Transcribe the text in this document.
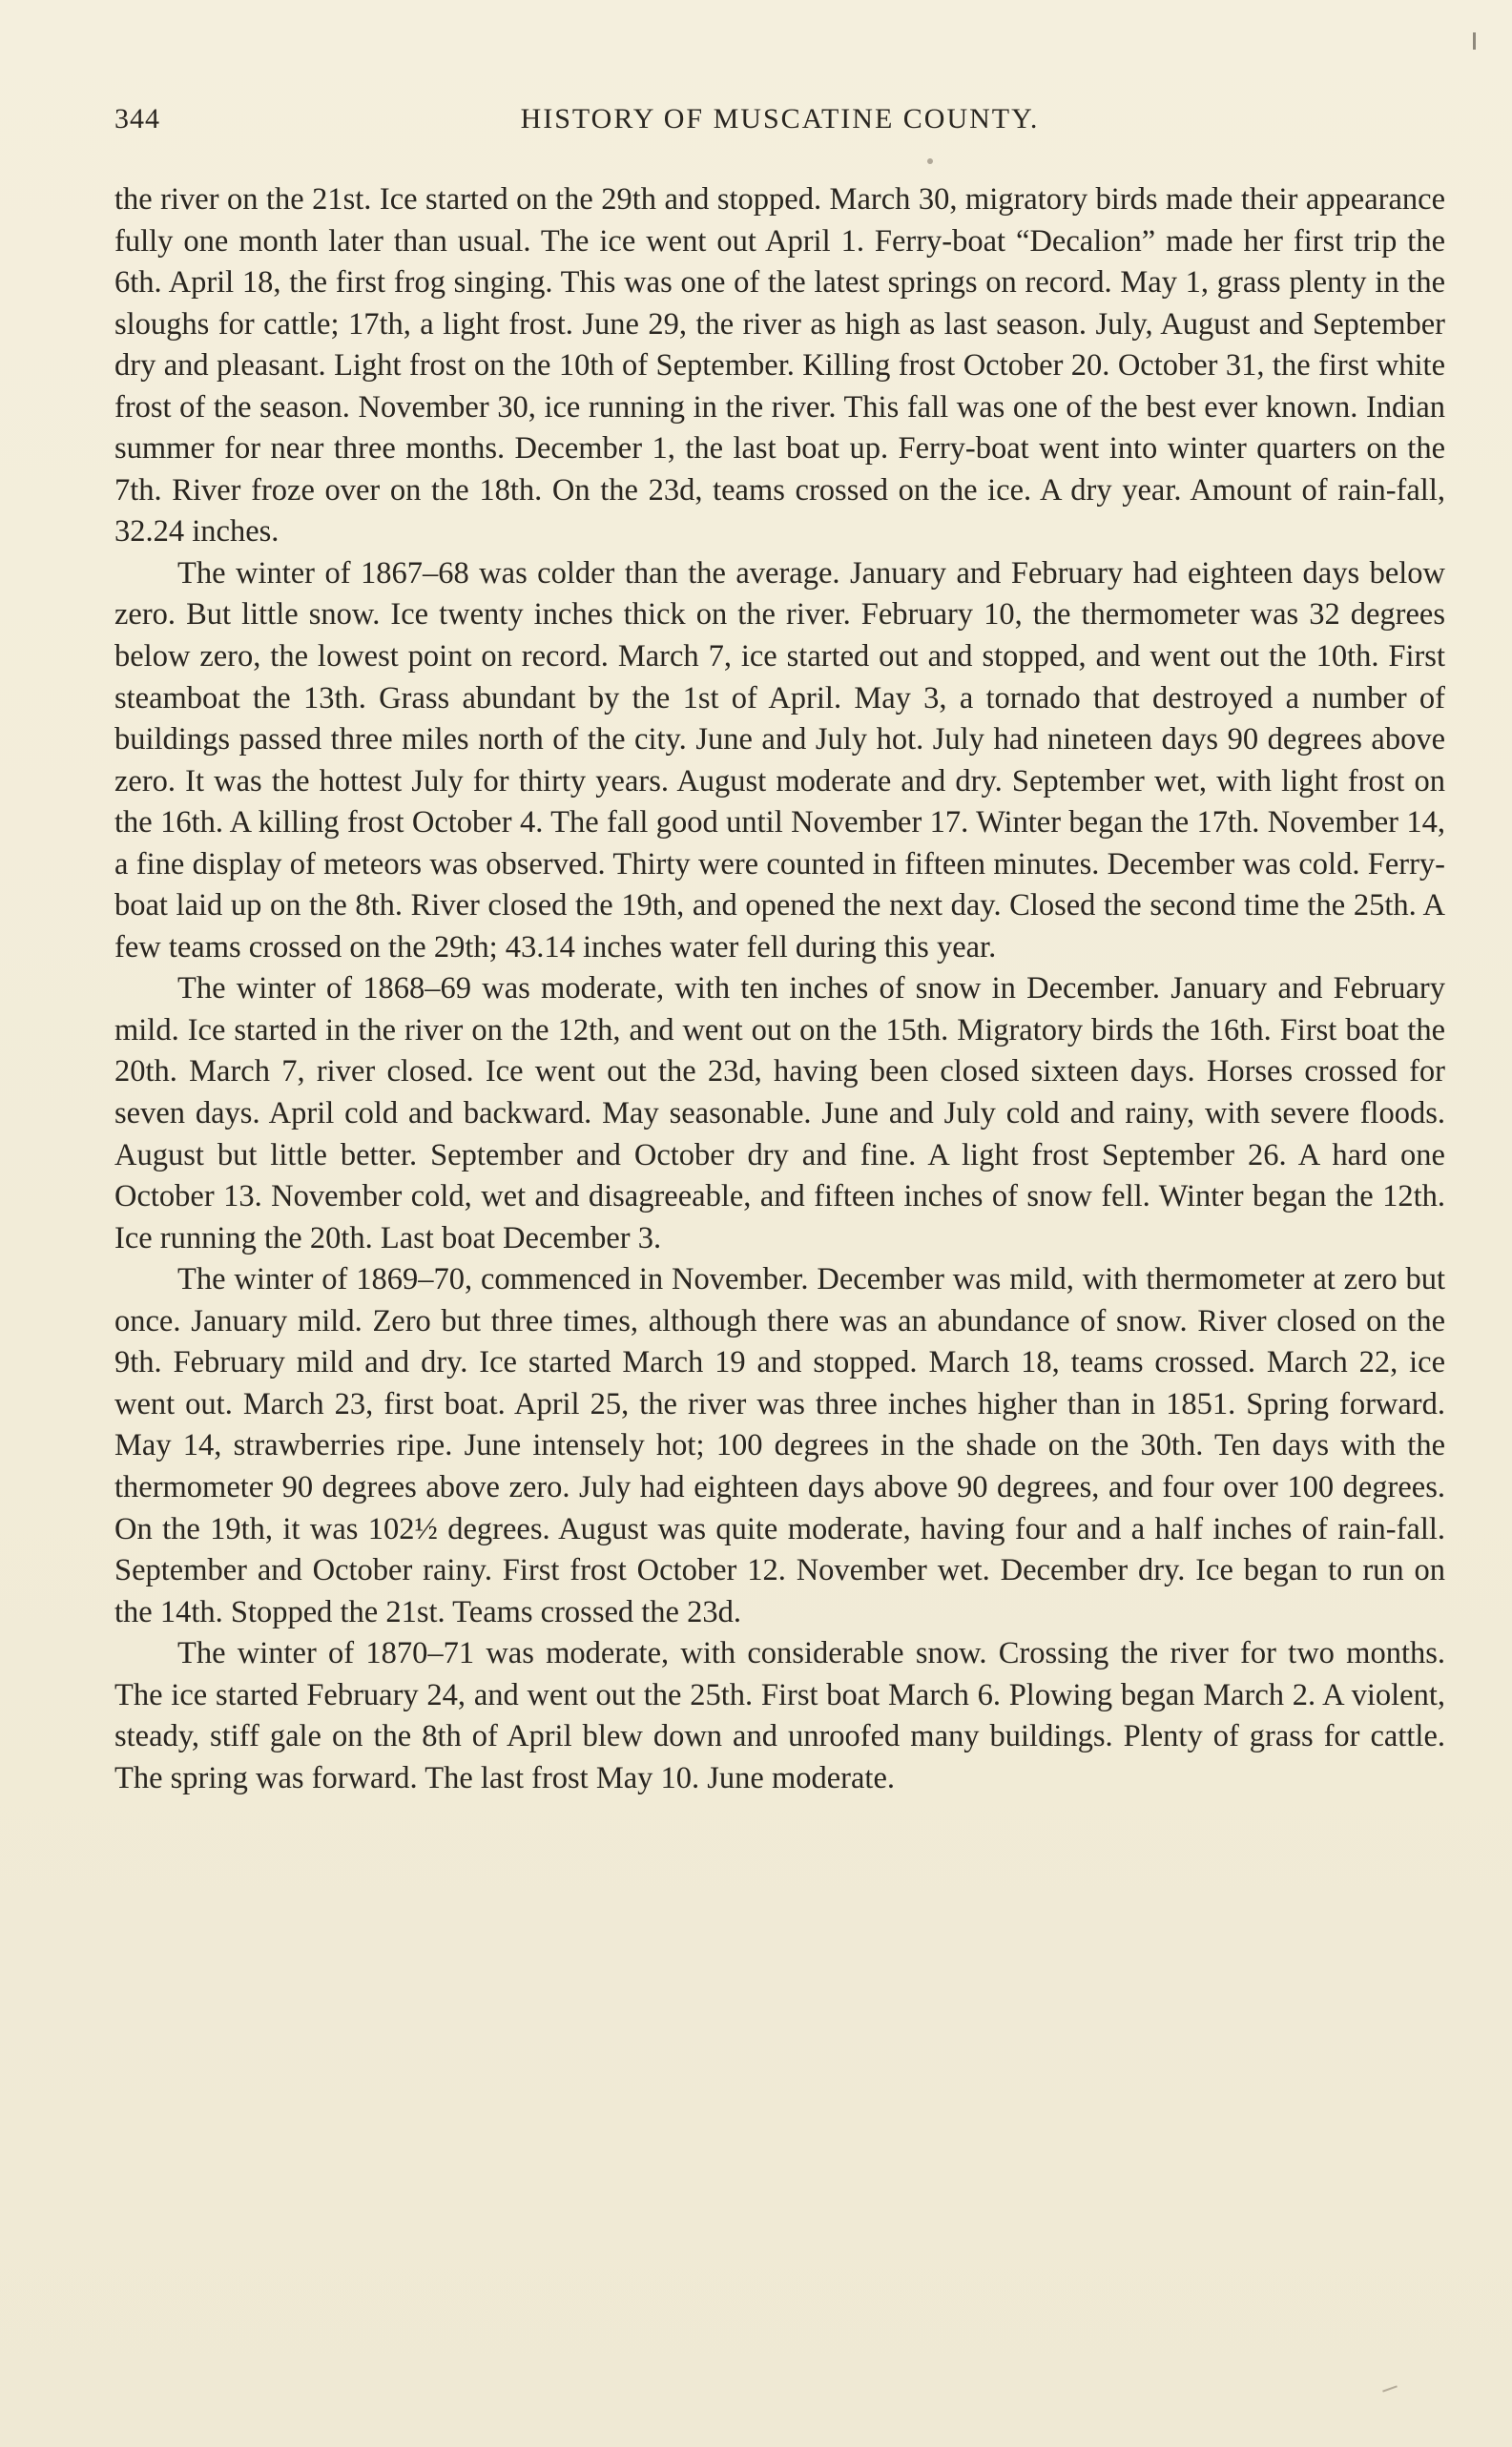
344	HISTORY OF MUSCATINE COUNTY.

the river on the 21st. Ice started on the 29th and stopped. March 30, migratory birds made their appearance fully one month later than usual. The ice went out April 1. Ferry-boat “Decalion” made her first trip the 6th. April 18, the first frog singing. This was one of the latest springs on record. May 1, grass plenty in the sloughs for cattle; 17th, a light frost. June 29, the river as high as last season. July, August and September dry and pleasant. Light frost on the 10th of September. Killing frost October 20. October 31, the first white frost of the season. November 30, ice running in the river. This fall was one of the best ever known. Indian summer for near three months. December 1, the last boat up. Ferry-boat went into winter quarters on the 7th. River froze over on the 18th. On the 23d, teams crossed on the ice. A dry year. Amount of rain-fall, 32.24 inches.

The winter of 1867–68 was colder than the average. January and February had eighteen days below zero. But little snow. Ice twenty inches thick on the river. February 10, the thermometer was 32 degrees below zero, the lowest point on record. March 7, ice started out and stopped, and went out the 10th. First steamboat the 13th. Grass abundant by the 1st of April. May 3, a tornado that destroyed a number of buildings passed three miles north of the city. June and July hot. July had nineteen days 90 degrees above zero. It was the hottest July for thirty years. August moderate and dry. September wet, with light frost on the 16th. A killing frost October 4. The fall good until November 17. Winter began the 17th. November 14, a fine display of meteors was observed. Thirty were counted in fifteen minutes. December was cold. Ferry-boat laid up on the 8th. River closed the 19th, and opened the next day. Closed the second time the 25th. A few teams crossed on the 29th; 43.14 inches water fell during this year.

The winter of 1868–69 was moderate, with ten inches of snow in December. January and February mild. Ice started in the river on the 12th, and went out on the 15th. Migratory birds the 16th. First boat the 20th. March 7, river closed. Ice went out the 23d, having been closed sixteen days. Horses crossed for seven days. April cold and backward. May seasonable. June and July cold and rainy, with severe floods. August but little better. September and October dry and fine. A light frost September 26. A hard one October 13. November cold, wet and disagreeable, and fifteen inches of snow fell. Winter began the 12th. Ice running the 20th. Last boat December 3.

The winter of 1869–70, commenced in November. December was mild, with thermometer at zero but once. January mild. Zero but three times, although there was an abundance of snow. River closed on the 9th. February mild and dry. Ice started March 19 and stopped. March 18, teams crossed. March 22, ice went out. March 23, first boat. April 25, the river was three inches higher than in 1851. Spring forward. May 14, strawberries ripe. June intensely hot; 100 degrees in the shade on the 30th. Ten days with the thermometer 90 degrees above zero. July had eighteen days above 90 degrees, and four over 100 degrees. On the 19th, it was 102½ degrees. August was quite moderate, having four and a half inches of rain-fall. September and October rainy. First frost October 12. November wet. December dry. Ice began to run on the 14th. Stopped the 21st. Teams crossed the 23d.

The winter of 1870–71 was moderate, with considerable snow. Crossing the river for two months. The ice started February 24, and went out the 25th. First boat March 6. Plowing began March 2. A violent, steady, stiff gale on the 8th of April blew down and unroofed many buildings. Plenty of grass for cattle. The spring was forward. The last frost May 10. June moderate.
